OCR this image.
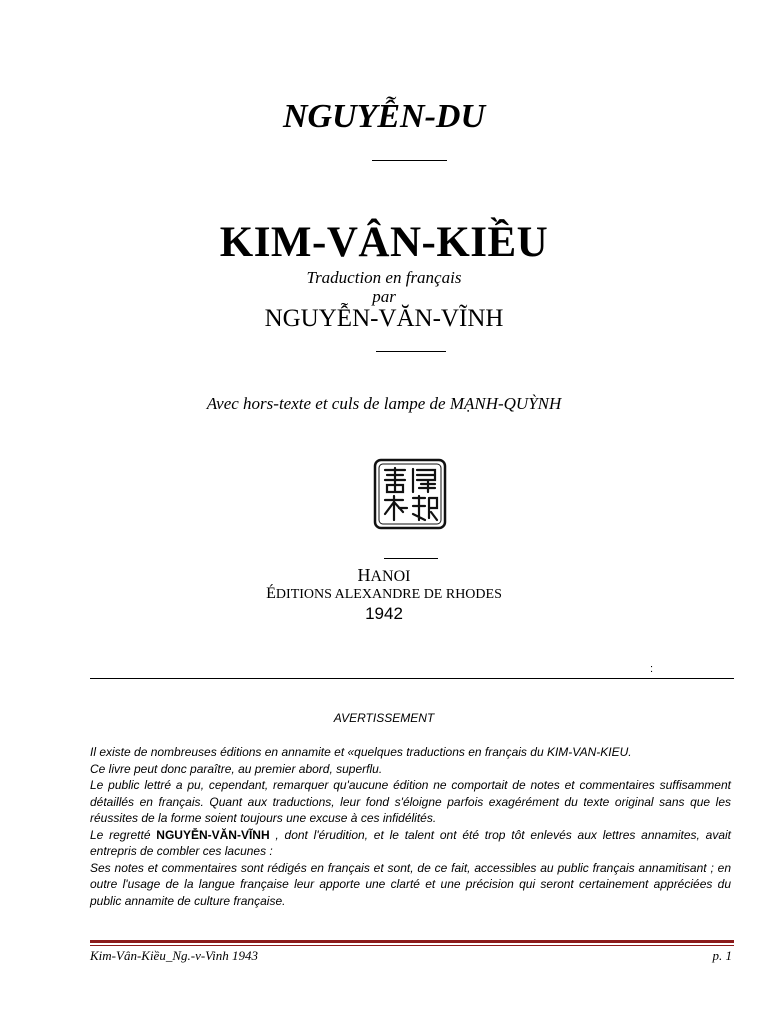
NGUYỄN-DU
KIM-VÂN-KIỀU
Traduction en français
par
NGUYỄN-VĂN-VĨNH
Avec hors-texte et culs de lampe de MẠNH-QUỲNH
HANOI
ÉDITIONS ALEXANDRE DE RHODES
1942
:
AVERTISSEMENT

Il existe de nombreuses éditions en annamite et «quelques traductions en français du KIM-VAN-KIEU.

Ce livre peut donc paraître, au premier abord, superflu.

Le public lettré a pu, cependant, remarquer qu'aucune édition ne comportait de notes et commentaires suffisamment détaillés en français. Quant aux traductions, leur fond s'éloigne parfois exagérément du texte original sans que les réussites de la forme soient toujours une excuse à ces infidélités.

Le regretté NGUYỄN-VĂN-VĨNH , dont l'érudition, et le talent ont été trop tôt enlevés aux lettres annamites, avait entrepris de combler ces lacunes :

Ses notes et commentaires sont rédigés en français et sont, de ce fait, accessibles au public français annamitisant ; en outre l'usage de la langue française leur apporte une clarté et une précision qui seront certainement appréciées du public annamite de culture française.

Kim-Vân-Kiều_Ng.-v-Vinh 1943	p. 1
